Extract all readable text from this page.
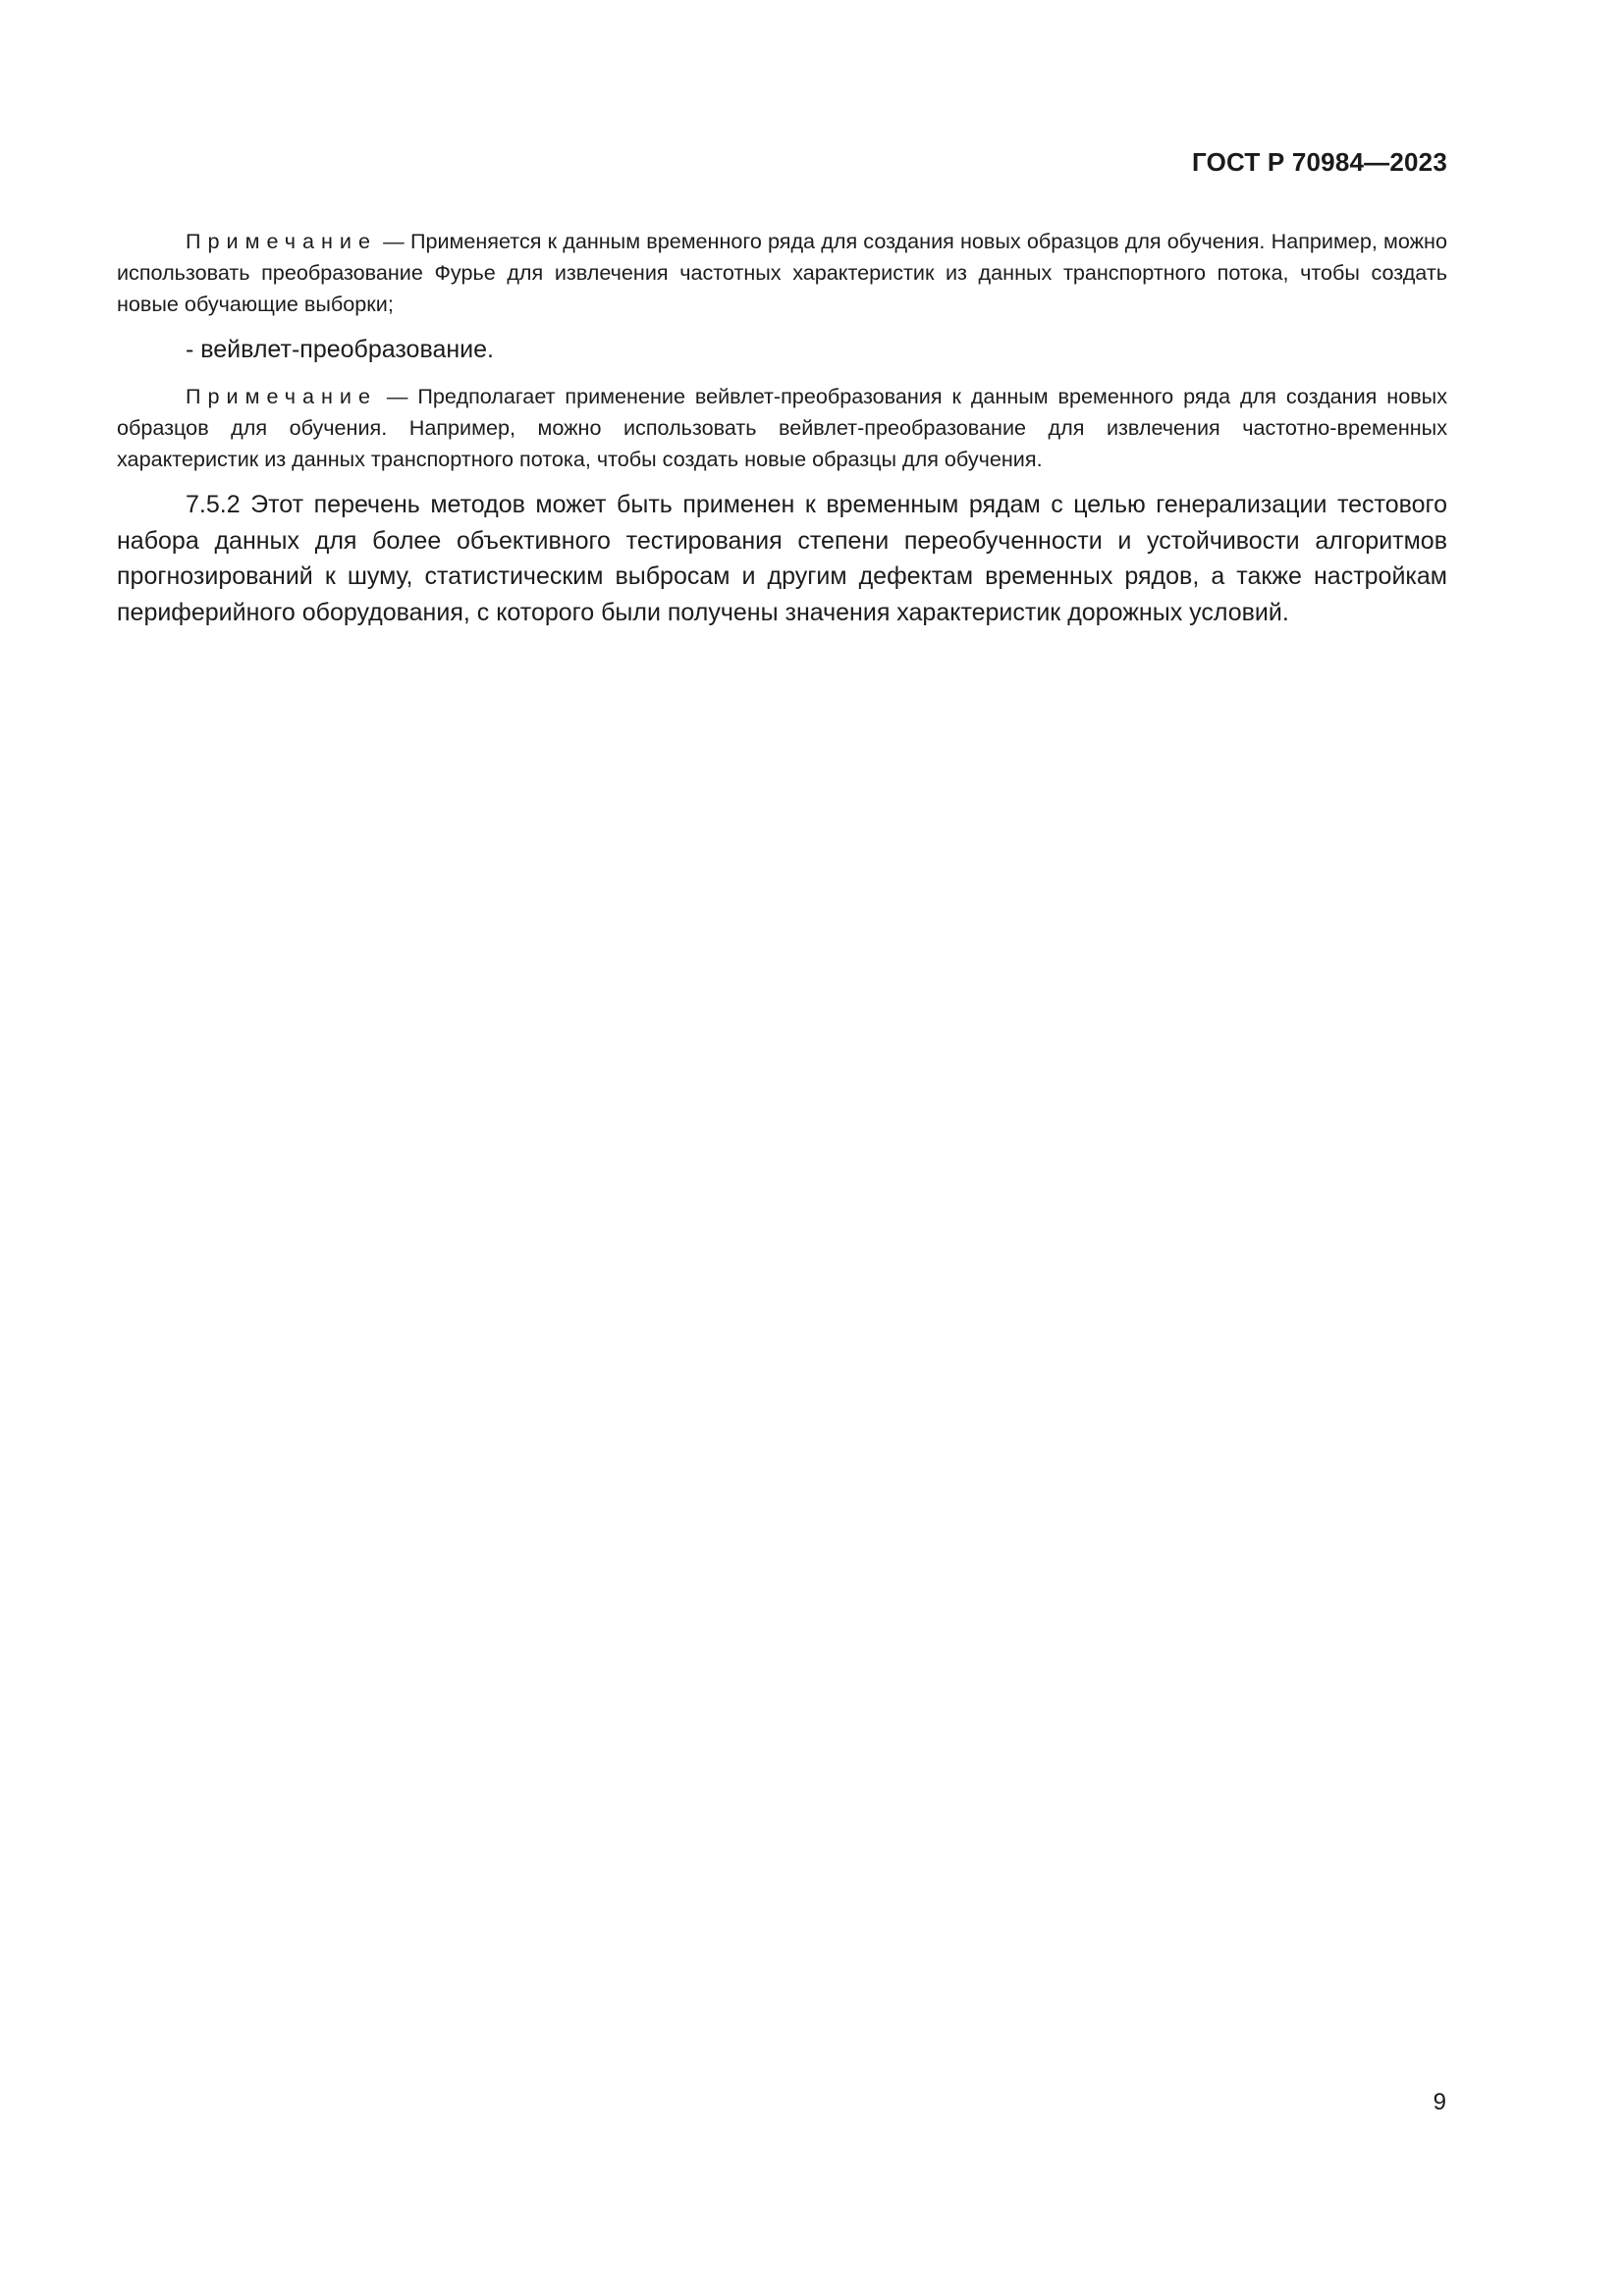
ГОСТ Р 70984—2023

Примечание — Применяется к данным временного ряда для создания новых образцов для обучения. Например, можно использовать преобразование Фурье для извлечения частотных характеристик из данных транспортного потока, чтобы создать новые обучающие выборки;

- вейвлет-преобразование.

Примечание — Предполагает применение вейвлет-преобразования к данным временного ряда для создания новых образцов для обучения. Например, можно использовать вейвлет-преобразование для извлечения частотно-временных характеристик из данных транспортного потока, чтобы создать новые образцы для обучения.

7.5.2 Этот перечень методов может быть применен к временным рядам с целью генерализации тестового набора данных для более объективного тестирования степени переобученности и устойчивости алгоритмов прогнозирований к шуму, статистическим выбросам и другим дефектам временных рядов, а также настройкам периферийного оборудования, с которого были получены значения характеристик дорожных условий.

9
